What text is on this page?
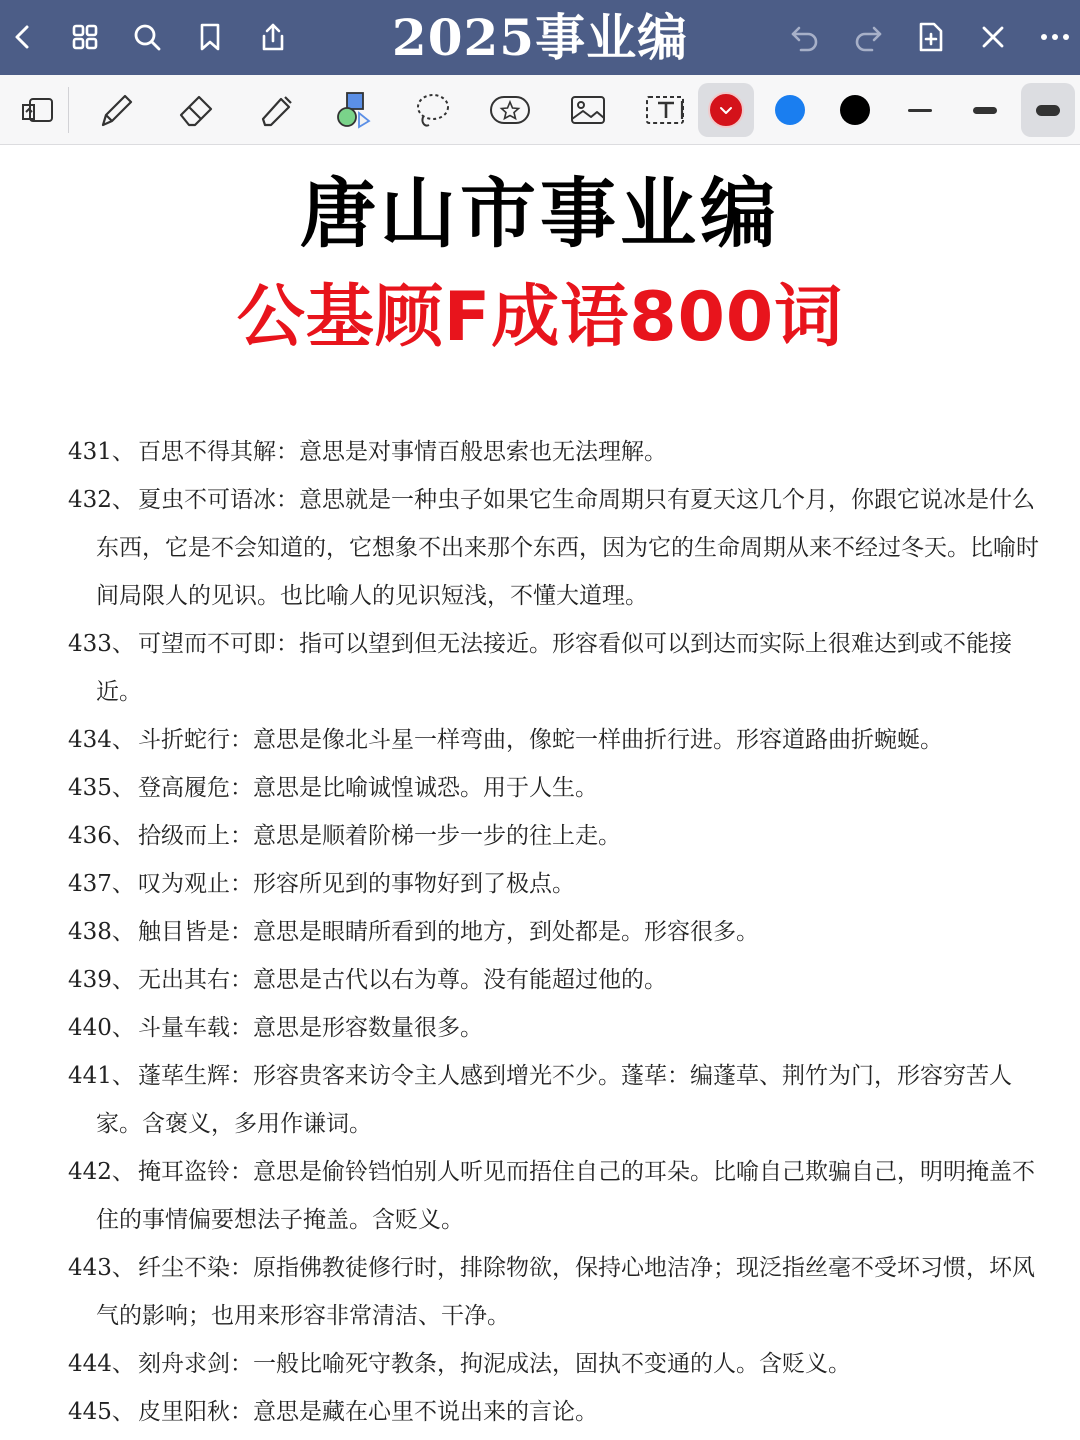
2025事业编
唐山市事业编
公基顾F成语800词
431、 百思不得其解：意思是对事情百般思索也无法理解。
432、 夏虫不可语冰：意思就是一种虫子如果它生命周期只有夏天这几个月，你跟它说冰是什么东西，它是不会知道的，它想象不出来那个东西，因为它的生命周期从来不经过冬天。比喻时间局限人的见识。也比喻人的见识短浅，不懂大道理。
433、 可望而不可即：指可以望到但无法接近。形容看似可以到达而实际上很难达到或不能接近。
434、 斗折蛇行：意思是像北斗星一样弯曲，像蛇一样曲折行进。形容道路曲折蜿蜒。
435、 登高履危：意思是比喻诚惶诚恐。用于人生。
436、 拾级而上：意思是顺着阶梯一步一步的往上走。
437、 叹为观止：形容所见到的事物好到了极点。
438、 触目皆是：意思是眼睛所看到的地方，到处都是。形容很多。
439、 无出其右：意思是古代以右为尊。没有能超过他的。
440、 斗量车载：意思是形容数量很多。
441、 蓬荜生辉：形容贵客来访令主人感到增光不少。蓬荜：编蓬草、荆竹为门，形容穷苦人家。含褒义，多用作谦词。
442、 掩耳盗铃：意思是偷铃铛怕别人听见而捂住自己的耳朵。比喻自己欺骗自己，明明掩盖不住的事情偏要想法子掩盖。含贬义。
443、 纤尘不染：原指佛教徒修行时，排除物欲，保持心地洁净；现泛指丝毫不受坏习惯，坏风气的影响；也用来形容非常清洁、干净。
444、 刻舟求剑：一般比喻死守教条，拘泥成法，固执不变通的人。含贬义。
445、 皮里阳秋：意思是藏在心里不说出来的言论。
